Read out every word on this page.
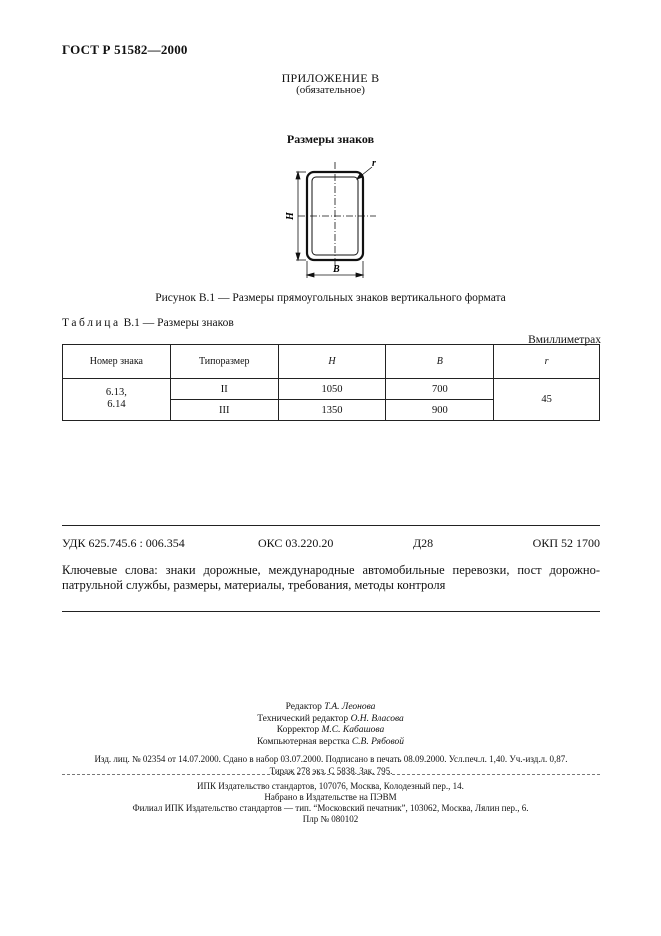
ГОСТ Р 51582—2000
ПРИЛОЖЕНИЕ В
(обязательное)
Размеры знаков
r
H
B
Рисунок В.1 — Размеры прямоугольных знаков вертикального формата
Таблица В.1 — Размеры знаков
Вмиллиметрах
Номер знака	Типоразмер	H	B	r

6.13,
6.14	II	1050	700	45
	III	1350	900	
УДК 625.745.6 : 006.354	ОКС 03.220.20	Д28	ОКП 52 1700
Ключевые слова: знаки дорожные, международные автомобильные перевозки, пост дорожно-патрульной службы, размеры, материалы, требования, методы контроля
Редактор Т.А. Леонова
Технический редактор О.Н. Власова
Корректор М.С. Кабашова
Компьютерная верстка С.В. Рябовой
Изд. лиц. № 02354 от 14.07.2000. Сдано в набор 03.07.2000. Подписано в печать 08.09.2000. Усл.печ.л. 1,40. Уч.-изд.л. 0,87.
Тираж 278 экз. С 5838. Зак. 795.
ИПК Издательство стандартов, 107076, Москва, Колодезный пер., 14.
Набрано в Издательстве на ПЭВМ
Филиал ИПК Издательство стандартов — тип. “Московский печатник”, 103062, Москва, Лялин пер., 6.
Плр № 080102
